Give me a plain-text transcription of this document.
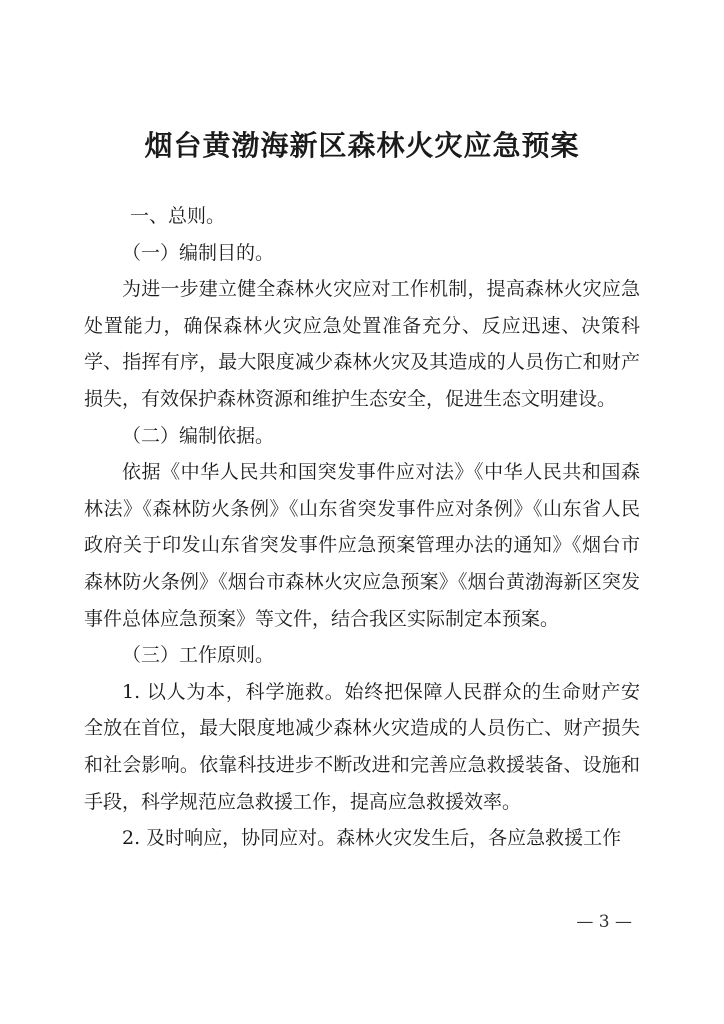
烟台黄渤海新区森林火灾应急预案

一、总则。

（一）编制目的。

为进一步建立健全森林火灾应对工作机制，提高森林火灾应急处置能力，确保森林火灾应急处置准备充分、反应迅速、决策科学、指挥有序，最大限度减少森林火灾及其造成的人员伤亡和财产损失，有效保护森林资源和维护生态安全，促进生态文明建设。

（二）编制依据。

依据《中华人民共和国突发事件应对法》《中华人民共和国森林法》《森林防火条例》《山东省突发事件应对条例》《山东省人民政府关于印发山东省突发事件应急预案管理办法的通知》《烟台市森林防火条例》《烟台市森林火灾应急预案》《烟台黄渤海新区突发事件总体应急预案》等文件，结合我区实际制定本预案。

（三）工作原则。

1. 以人为本，科学施救。始终把保障人民群众的生命财产安全放在首位，最大限度地减少森林火灾造成的人员伤亡、财产损失和社会影响。依靠科技进步不断改进和完善应急救援装备、设施和手段，科学规范应急救援工作，提高应急救援效率。

2. 及时响应，协同应对。森林火灾发生后，各应急救援工作

— 3 —
